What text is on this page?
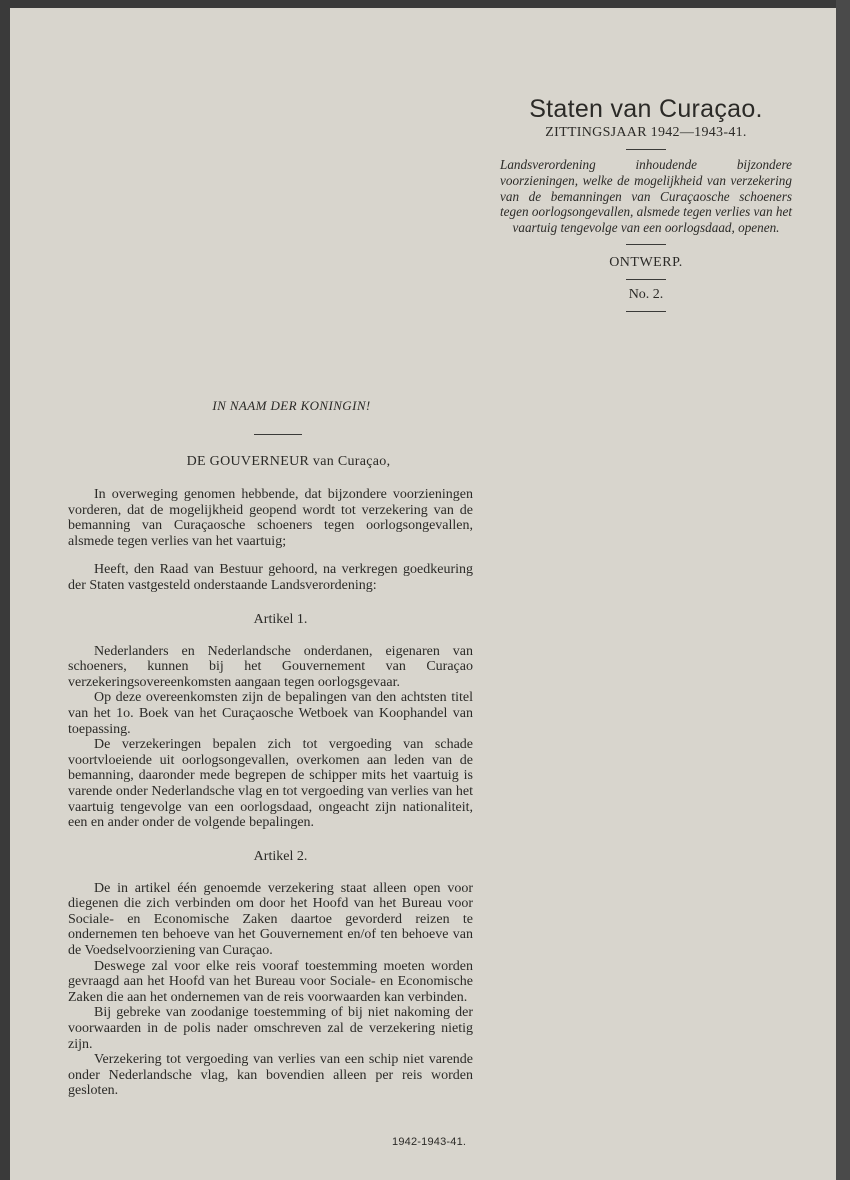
Staten van Curaçao.
ZITTINGSJAAR 1942—1943-41.
Landsverordening inhoudende bijzondere voorzieningen, welke de mogelijkheid van verzekering van de bemanningen van Curaçaosche schoeners tegen oorlogsongevallen, alsmede tegen verlies van het vaartuig tengevolge van een oorlogsdaad, openen.
ONTWERP.
No. 2.
IN NAAM DER KONINGIN!
DE GOUVERNEUR van Curaçao,

In overweging genomen hebbende, dat bijzondere voorzieningen vorderen, dat de mogelijkheid geopend wordt tot verzekering van de bemanning van Curaçaosche schoeners tegen oorlogsongevallen, alsmede tegen verlies van het vaartuig;

Heeft, den Raad van Bestuur gehoord, na verkregen goedkeuring der Staten vastgesteld onderstaande Landsverordening:

Artikel 1.

Nederlanders en Nederlandsche onderdanen, eigenaren van schoeners, kunnen bij het Gouvernement van Curaçao verzekeringsovereenkomsten aangaan tegen oorlogsgevaar.

Op deze overeenkomsten zijn de bepalingen van den achtsten titel van het 1o. Boek van het Curaçaosche Wetboek van Koophandel van toepassing.

De verzekeringen bepalen zich tot vergoeding van schade voortvloeiende uit oorlogsongevallen, overkomen aan leden van de bemanning, daaronder mede begrepen de schipper mits het vaartuig is varende onder Nederlandsche vlag en tot vergoeding van verlies van het vaartuig tengevolge van een oorlogsdaad, ongeacht zijn nationaliteit, een en ander onder de volgende bepalingen.

Artikel 2.

De in artikel één genoemde verzekering staat alleen open voor diegenen die zich verbinden om door het Hoofd van het Bureau voor Sociale- en Economische Zaken daartoe gevorderd reizen te ondernemen ten behoeve van het Gouvernement en/of ten behoeve van de Voedselvoorziening van Curaçao.

Deswege zal voor elke reis vooraf toestemming moeten worden gevraagd aan het Hoofd van het Bureau voor Sociale- en Economische Zaken die aan het ondernemen van de reis voorwaarden kan verbinden.

Bij gebreke van zoodanige toestemming of bij niet nakoming der voorwaarden in de polis nader omschreven zal de verzekering nietig zijn.

Verzekering tot vergoeding van verlies van een schip niet varende onder Nederlandsche vlag, kan bovendien alleen per reis worden gesloten.

1942-1943-41.
